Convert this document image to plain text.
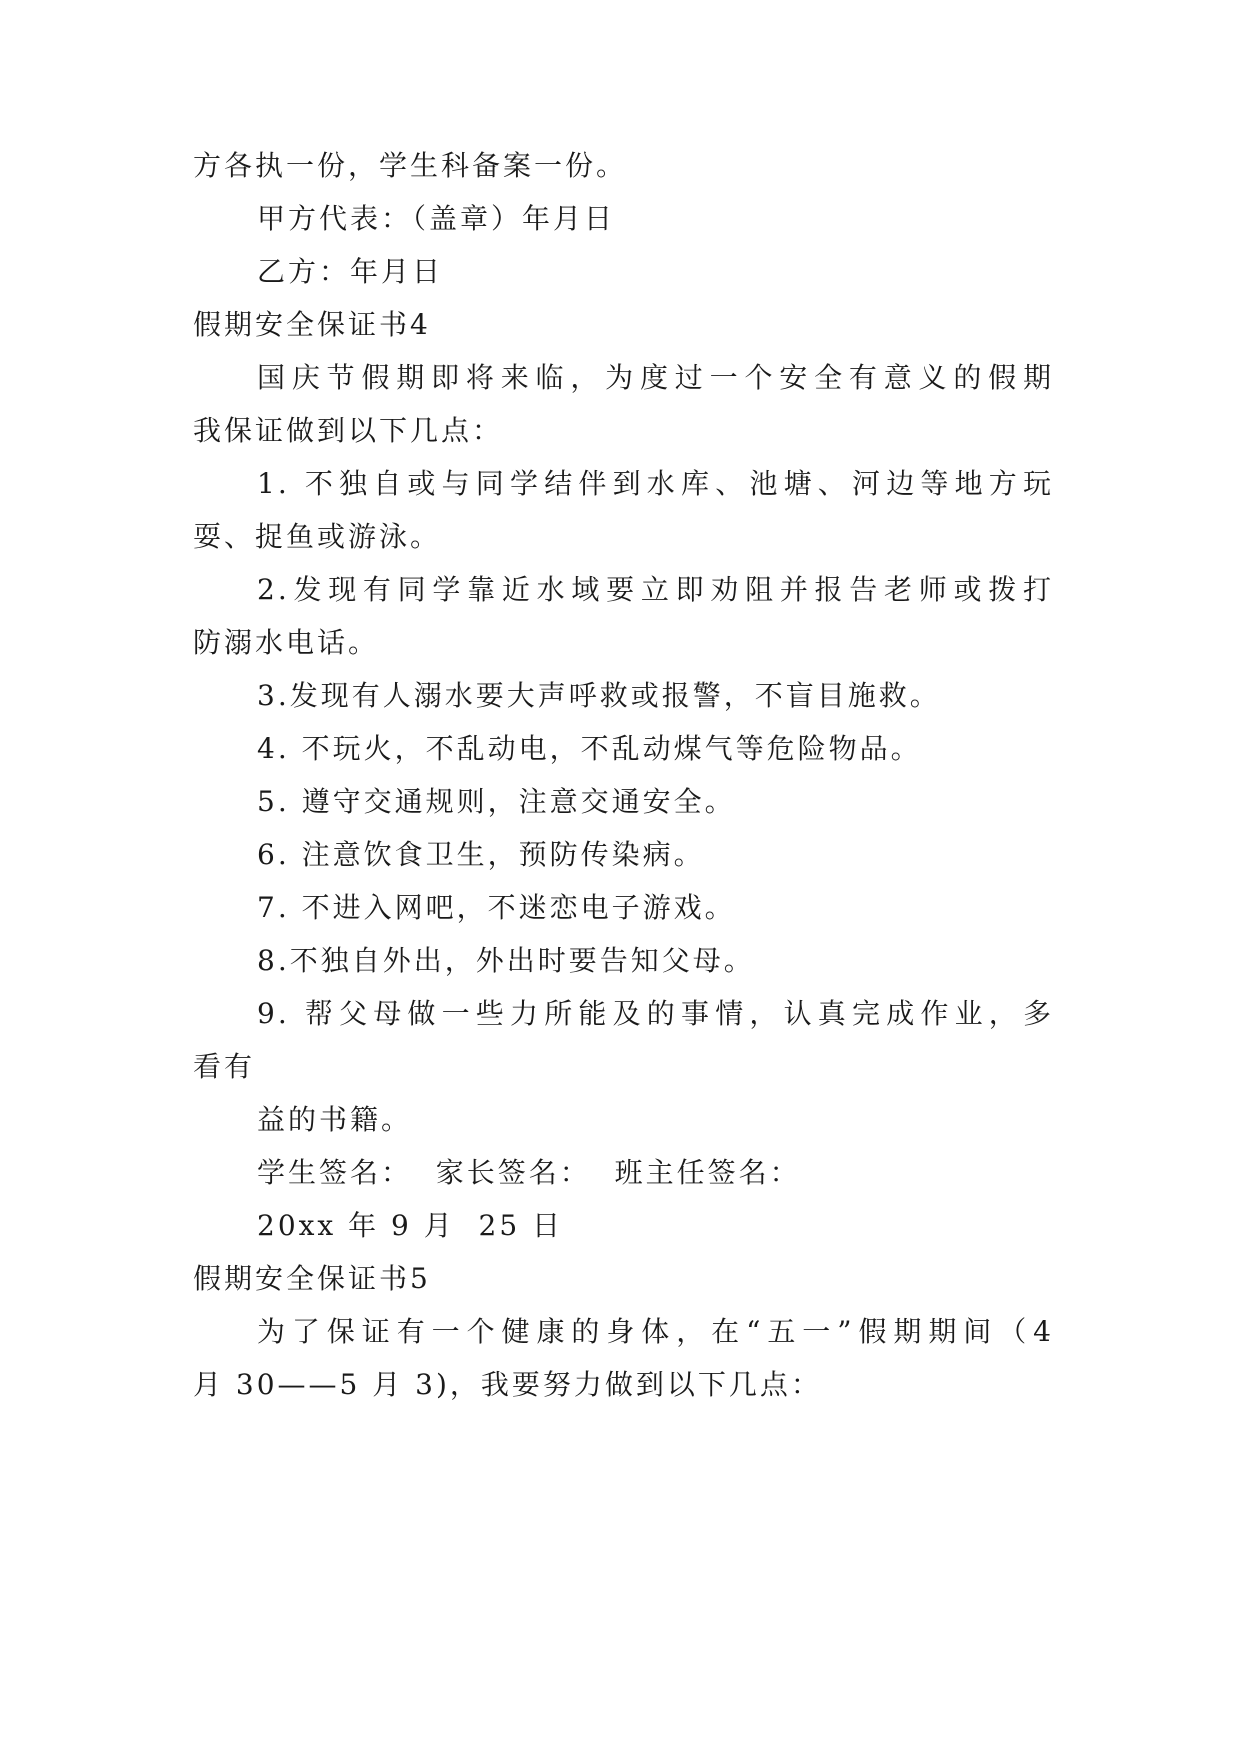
方各执一份，学生科备案一份。
甲方代表：（盖章）年月日
乙方：年月日
假期安全保证书4
国庆节假期即将来临，为度过一个安全有意义的假期
我保证做到以下几点：
1. 不独自或与同学结伴到水库、池塘、河边等地方玩
耍、捉鱼或游泳。
2.发现有同学靠近水域要立即劝阻并报告老师或拨打
防溺水电话。
3.发现有人溺水要大声呼救或报警，不盲目施救。
4. 不玩火，不乱动电，不乱动煤气等危险物品。
5. 遵守交通规则，注意交通安全。
6. 注意饮食卫生，预防传染病。
7. 不进入网吧，不迷恋电子游戏。
8.不独自外出，外出时要告知父母。
9. 帮父母做一些力所能及的事情，认真完成作业，多
看有
益的书籍。
学生签名：  家长签名：  班主任签名：
20xx 年 9 月  25 日
假期安全保证书5
为了保证有一个健康的身体，在“五一”假期期间（4
月 30——5 月 3)，我要努力做到以下几点：
